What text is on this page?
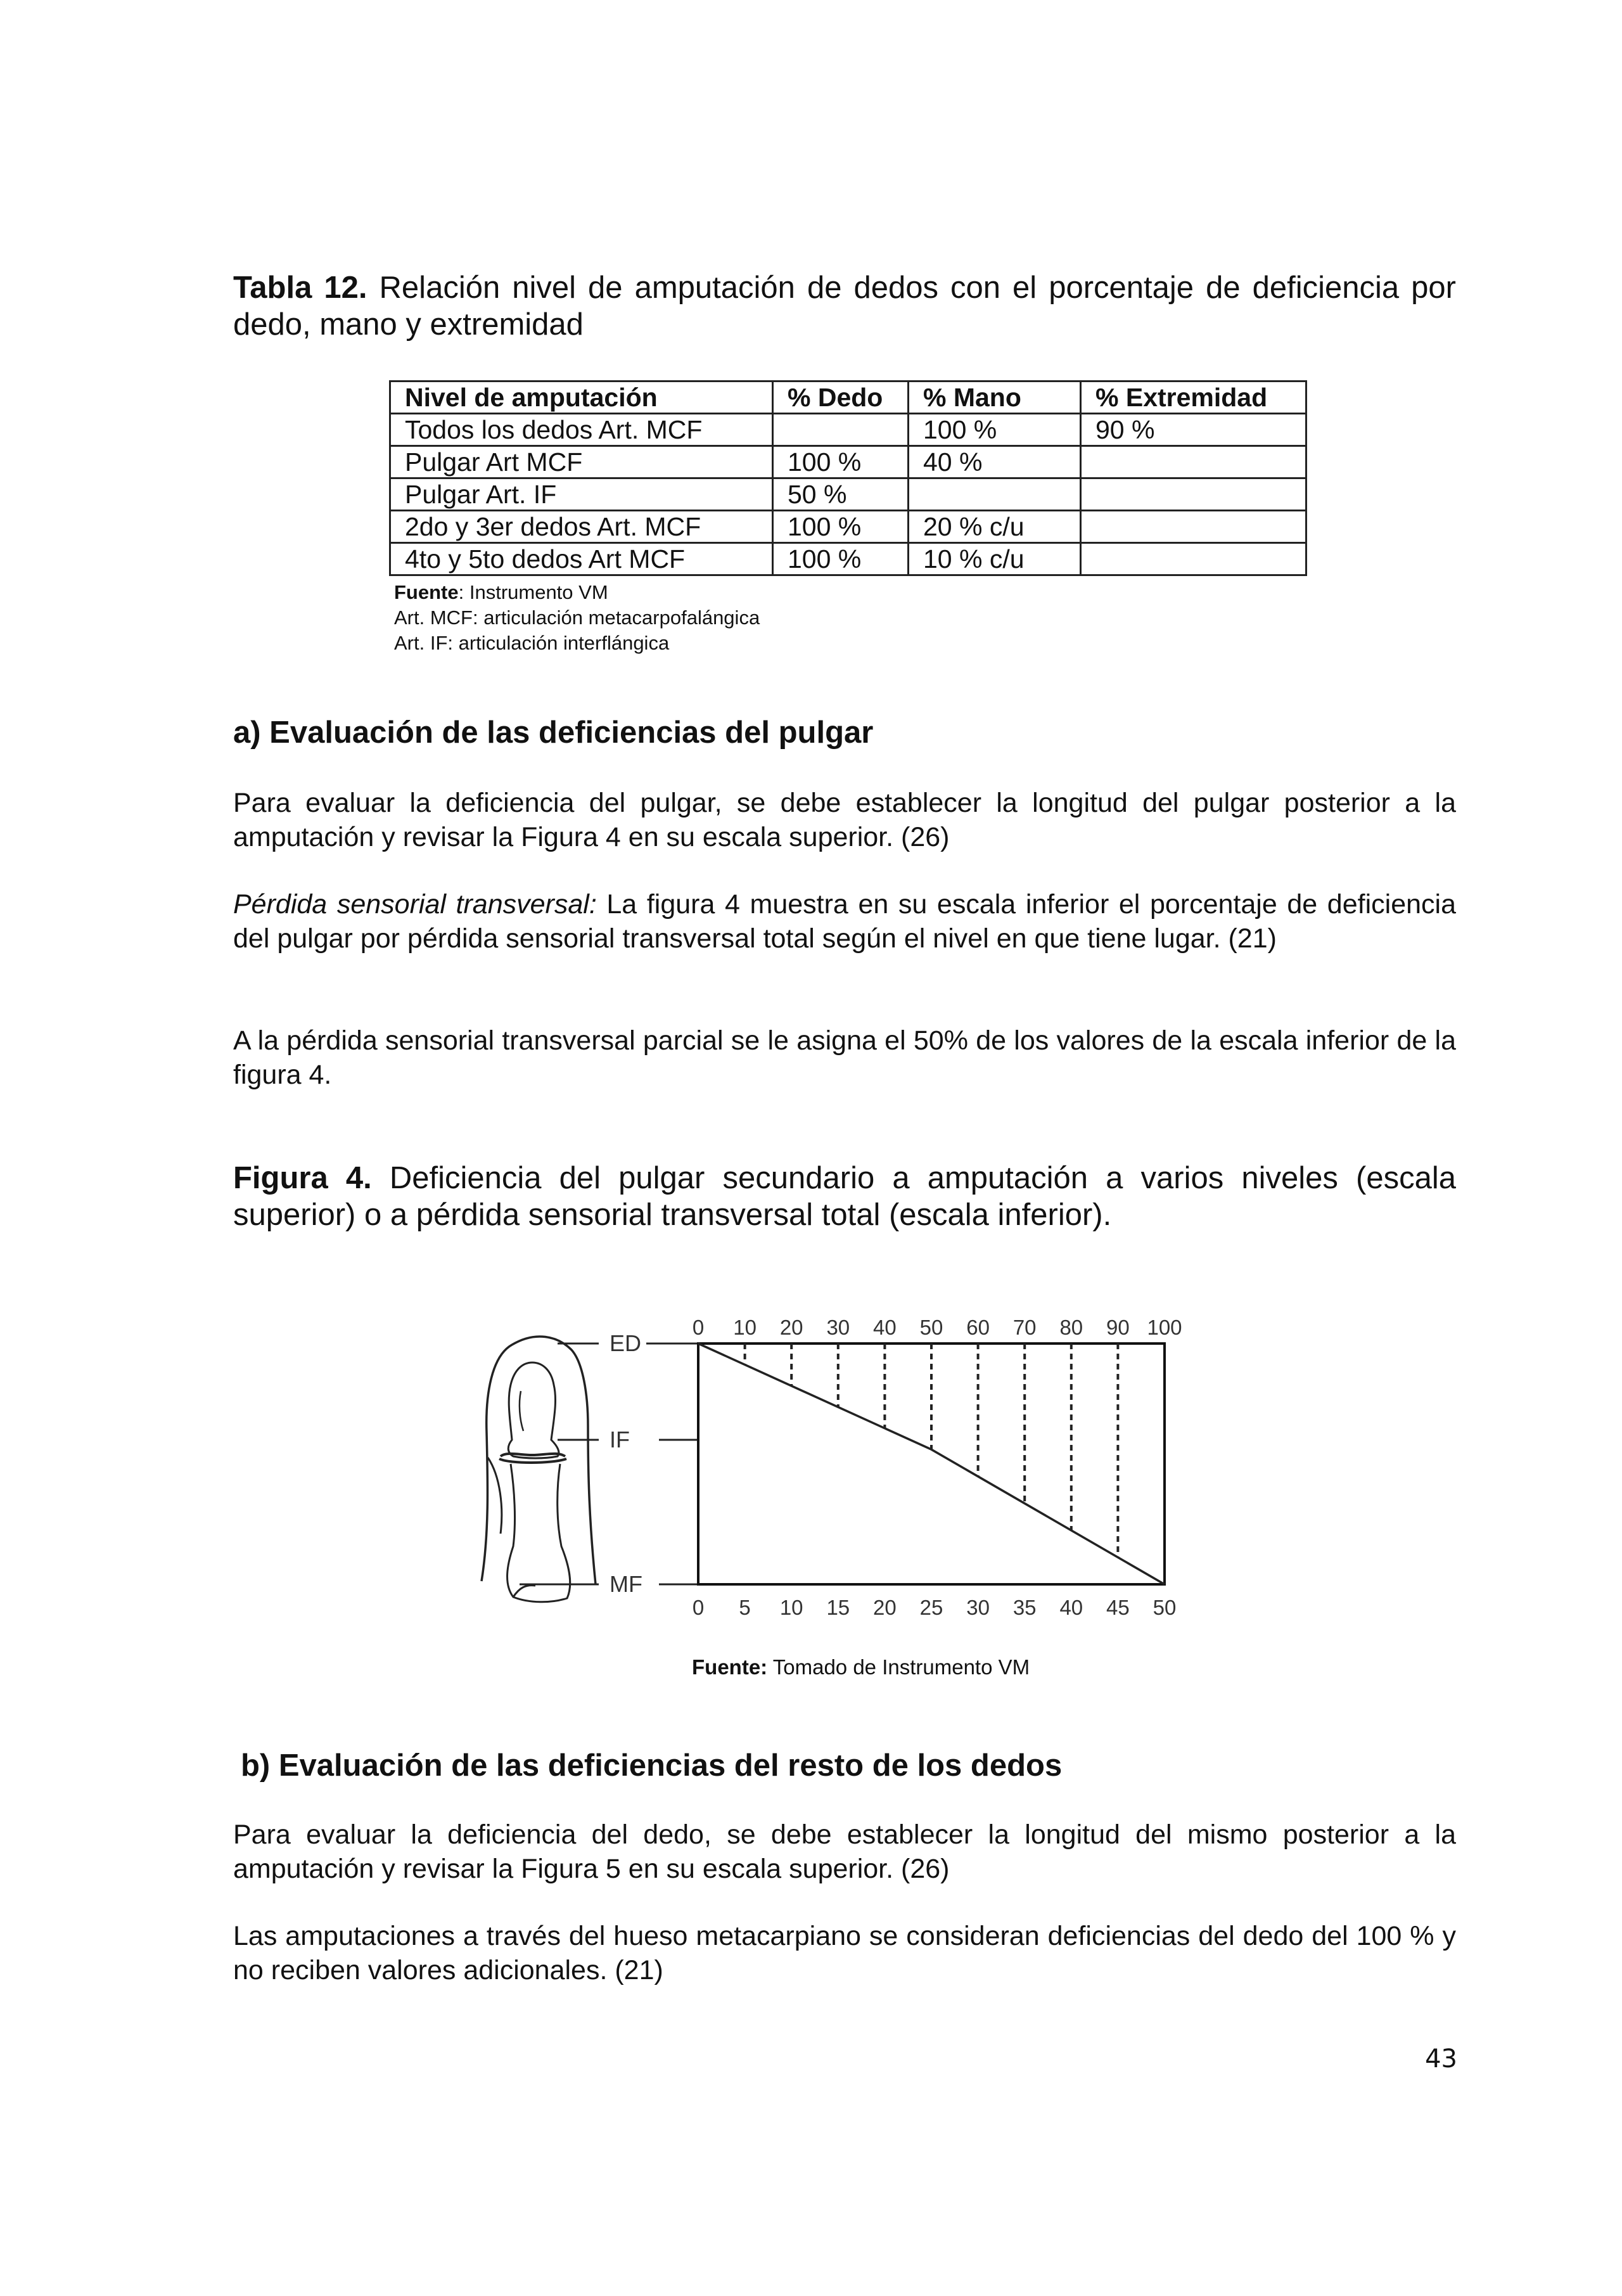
Tabla 12. Relación nivel de amputación de dedos con el porcentaje de deficiencia por dedo, mano y extremidad

Nivel de amputación	% Dedo	% Mano	% Extremidad
Todos los dedos Art. MCF		100 %	90 %
Pulgar Art MCF	100 %	40 %	
Pulgar Art. IF	50 %		
2do y 3er dedos Art. MCF	100 %	20 % c/u	
4to y 5to dedos Art MCF	100 %	10 % c/u	
Fuente: Instrumento VM
Art. MCF: articulación metacarpofalángica
Art. IF: articulación interflángica
a) Evaluación de las deficiencias del pulgar

Para evaluar la deficiencia del pulgar, se debe establecer la longitud del pulgar posterior a la amputación y revisar la Figura 4 en su escala superior. (26)

Pérdida sensorial transversal: La figura 4 muestra en su escala inferior el porcentaje de deficiencia del pulgar por pérdida sensorial transversal total según el nivel en que tiene lugar. (21)

A la pérdida sensorial transversal parcial se le asigna el 50% de los valores de la escala inferior de la figura 4.

Figura 4. Deficiencia del pulgar secundario a amputación a varios niveles (escala superior) o a pérdida sensorial transversal total (escala inferior).

ED
IF
MF
0 10 20 30 40 50 60 70 80 90 100
0 5 10 15 20 25 30 35 40 45 50
Fuente: Tomado de Instrumento VM
b) Evaluación de las deficiencias del resto de los dedos

Para evaluar la deficiencia del dedo, se debe establecer la longitud del mismo posterior a la amputación y revisar la Figura 5 en su escala superior. (26)

Las amputaciones a través del hueso metacarpiano se consideran deficiencias del dedo del 100 % y no reciben valores adicionales. (21)

43
